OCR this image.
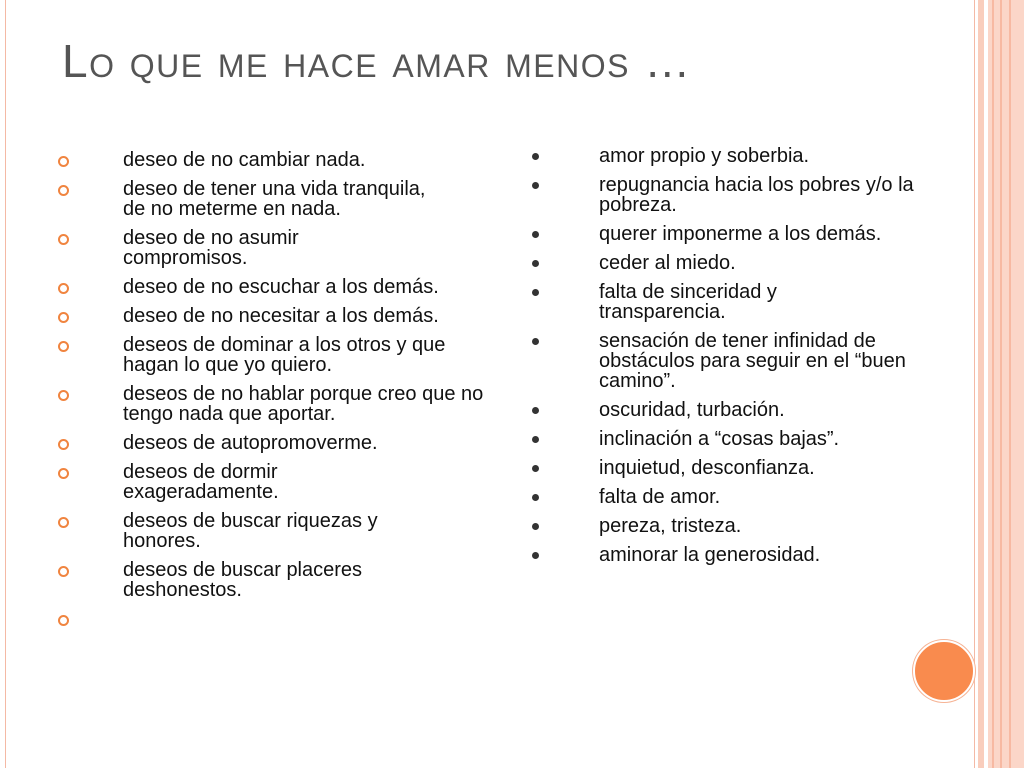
Lo que me hace amar menos …
deseo de no cambiar nada.
deseo de tener una vida tranquila, de no meterme en nada.
deseo de no asumir compromisos.
deseo de no escuchar a los demás.
deseo de no necesitar a los demás.
deseos de dominar a los otros y que hagan lo que yo quiero.
deseos de no hablar porque creo que no tengo nada que aportar.
deseos de autopromoverme.
deseos de dormir exageradamente.
deseos de buscar riquezas y honores.
deseos de buscar placeres deshonestos.
amor propio y soberbia.
repugnancia hacia los pobres y/o la pobreza.
querer imponerme a los demás.
ceder al miedo.
falta de sinceridad y transparencia.
sensación de tener infinidad de obstáculos para seguir en el “buen camino”.
oscuridad, turbación.
inclinación a “cosas bajas”.
inquietud, desconfianza.
falta de amor.
pereza, tristeza.
aminorar la generosidad.
